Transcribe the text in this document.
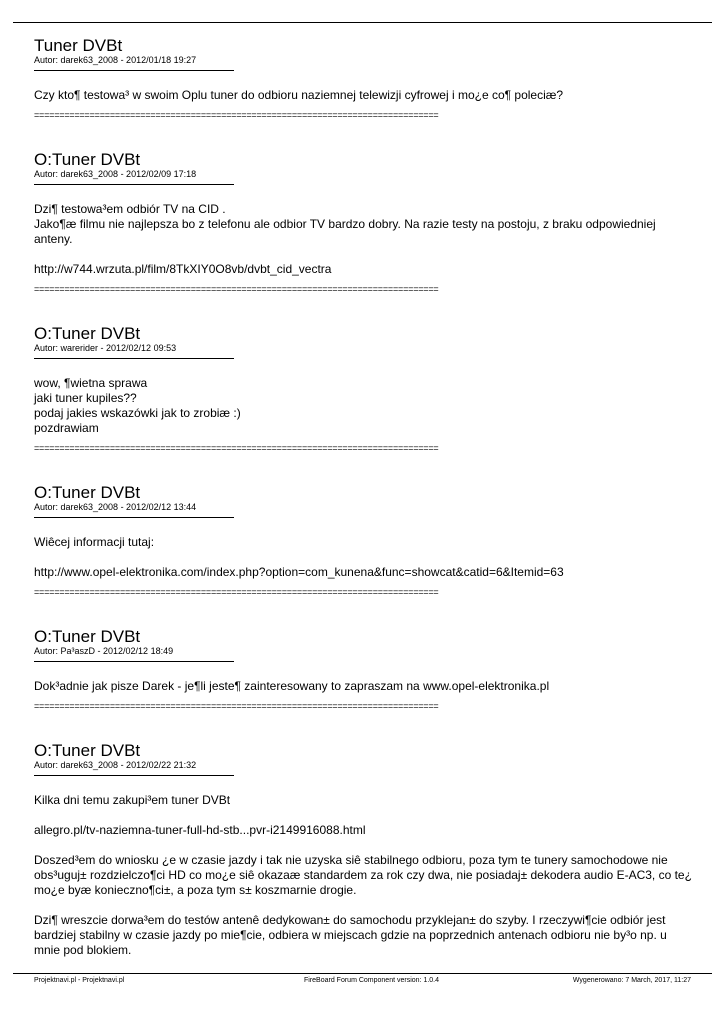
Tuner DVBt
Autor: darek63_2008 - 2012/01/18 19:27

Czy kto¶ testowa³ w swoim Oplu tuner do odbioru naziemnej telewizji cyfrowej i mo¿e co¶ poleciæ?

================================================================================
O:Tuner DVBt
Autor: darek63_2008 - 2012/02/09 17:18

Dzi¶ testowa³em odbiór TV na CID .
Jako¶æ filmu nie najlepsza bo z telefonu ale odbior TV bardzo dobry. Na razie testy na postoju, z braku odpowiedniej anteny.

http://w744.wrzuta.pl/film/8TkXIY0O8vb/dvbt_cid_vectra

================================================================================
O:Tuner DVBt
Autor: warerider - 2012/02/12 09:53

wow, ¶wietna sprawa
jaki tuner kupiles??
podaj jakies wskazówki jak to zrobiæ :)
pozdrawiam

================================================================================
O:Tuner DVBt
Autor: darek63_2008 - 2012/02/12 13:44

Wiêcej informacji tutaj:

http://www.opel-elektronika.com/index.php?option=com_kunena&func=showcat&catid=6&Itemid=63

================================================================================
O:Tuner DVBt
Autor: Pa³aszD - 2012/02/12 18:49

Dok³adnie jak pisze Darek - je¶li jeste¶ zainteresowany to zapraszam na www.opel-elektronika.pl

================================================================================
O:Tuner DVBt
Autor: darek63_2008 - 2012/02/22 21:32

Kilka dni temu zakupi³em tuner DVBt

allegro.pl/tv-naziemna-tuner-full-hd-stb...pvr-i2149916088.html

Doszed³em do wniosku ¿e w czasie jazdy i tak nie uzyska siê stabilnego odbioru, poza tym te tunery samochodowe nie obs³uguj± rozdzielczo¶ci HD co mo¿e siê okazaæ standardem za rok czy dwa, nie posiadaj± dekodera audio E-AC3, co te¿ mo¿e byæ konieczno¶ci±, a poza tym s± koszmarnie drogie.

Dzi¶ wreszcie dorwa³em do testów antenê dedykowan± do samochodu przyklejan± do szyby. I rzeczywi¶cie odbiór jest bardziej stabilny w czasie jazdy po mie¶cie, odbiera w miejscach gdzie na poprzednich antenach odbioru nie by³o np. u mnie pod blokiem.

Projektnavi.pl - Projektnavi.pl	FireBoard Forum Component version: 1.0.4	Wygenerowano: 7 March, 2017, 11:27
